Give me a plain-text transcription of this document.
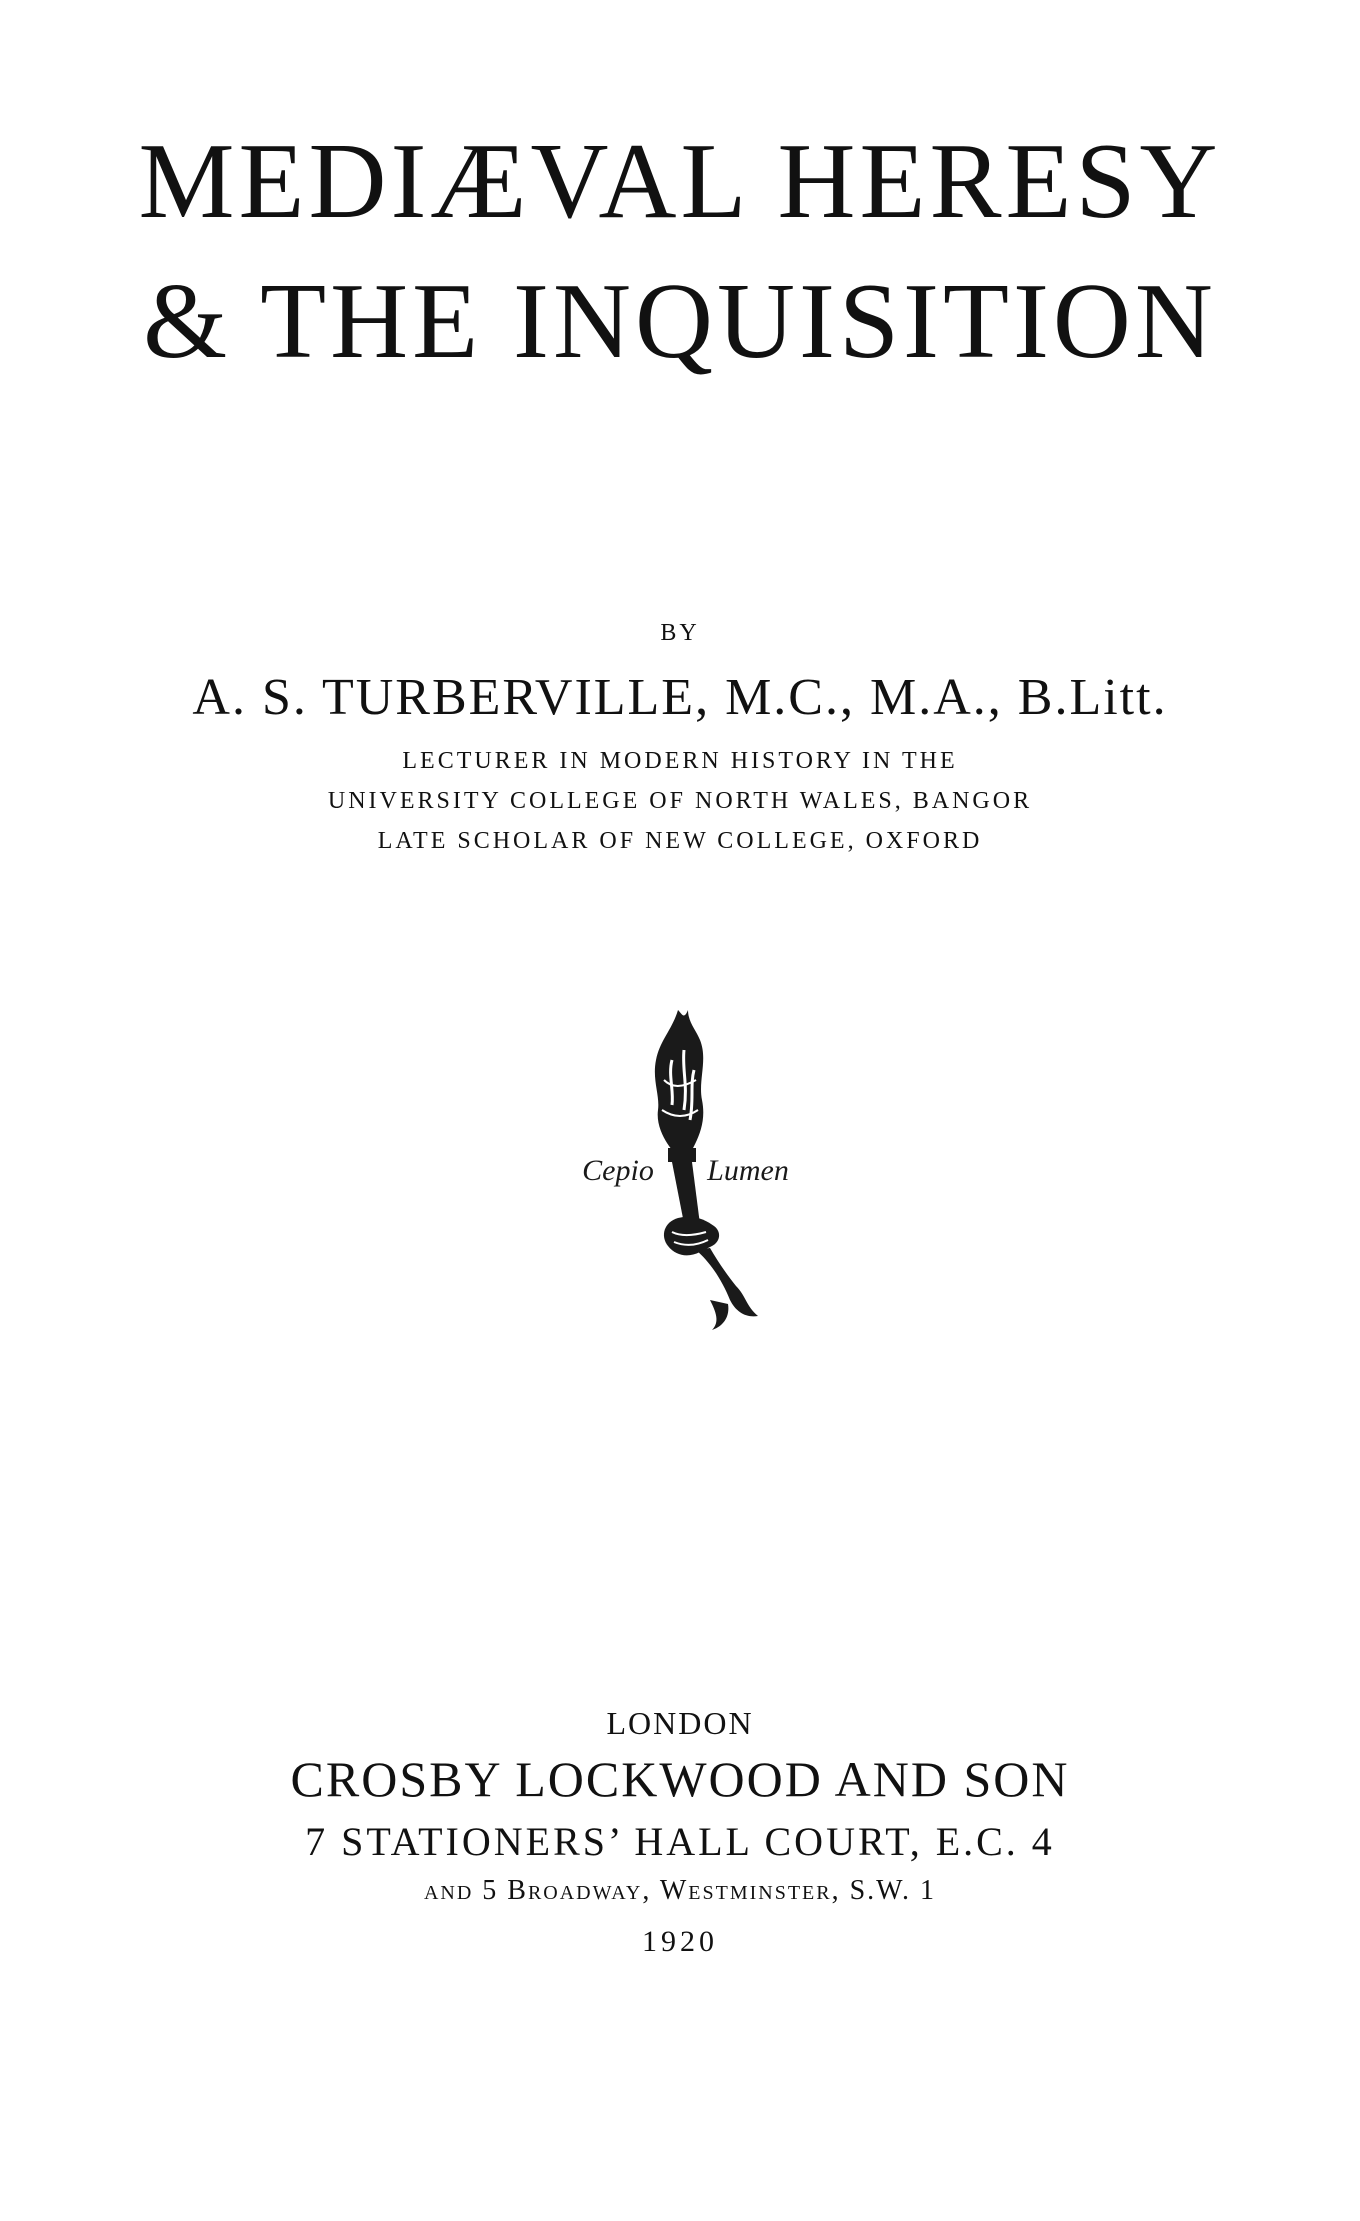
MEDIÆVAL HERESY
& THE INQUISITION
BY
A. S. TURBERVILLE, M.C., M.A., B.Litt.
LECTURER IN MODERN HISTORY IN THE
UNIVERSITY COLLEGE OF NORTH WALES, BANGOR
LATE SCHOLAR OF NEW COLLEGE, OXFORD
Cepio Lumen
LONDON
CROSBY LOCKWOOD AND SON
7 STATIONERS’ HALL COURT, E.C. 4
and 5 Broadway, Westminster, S.W. 1
1920
